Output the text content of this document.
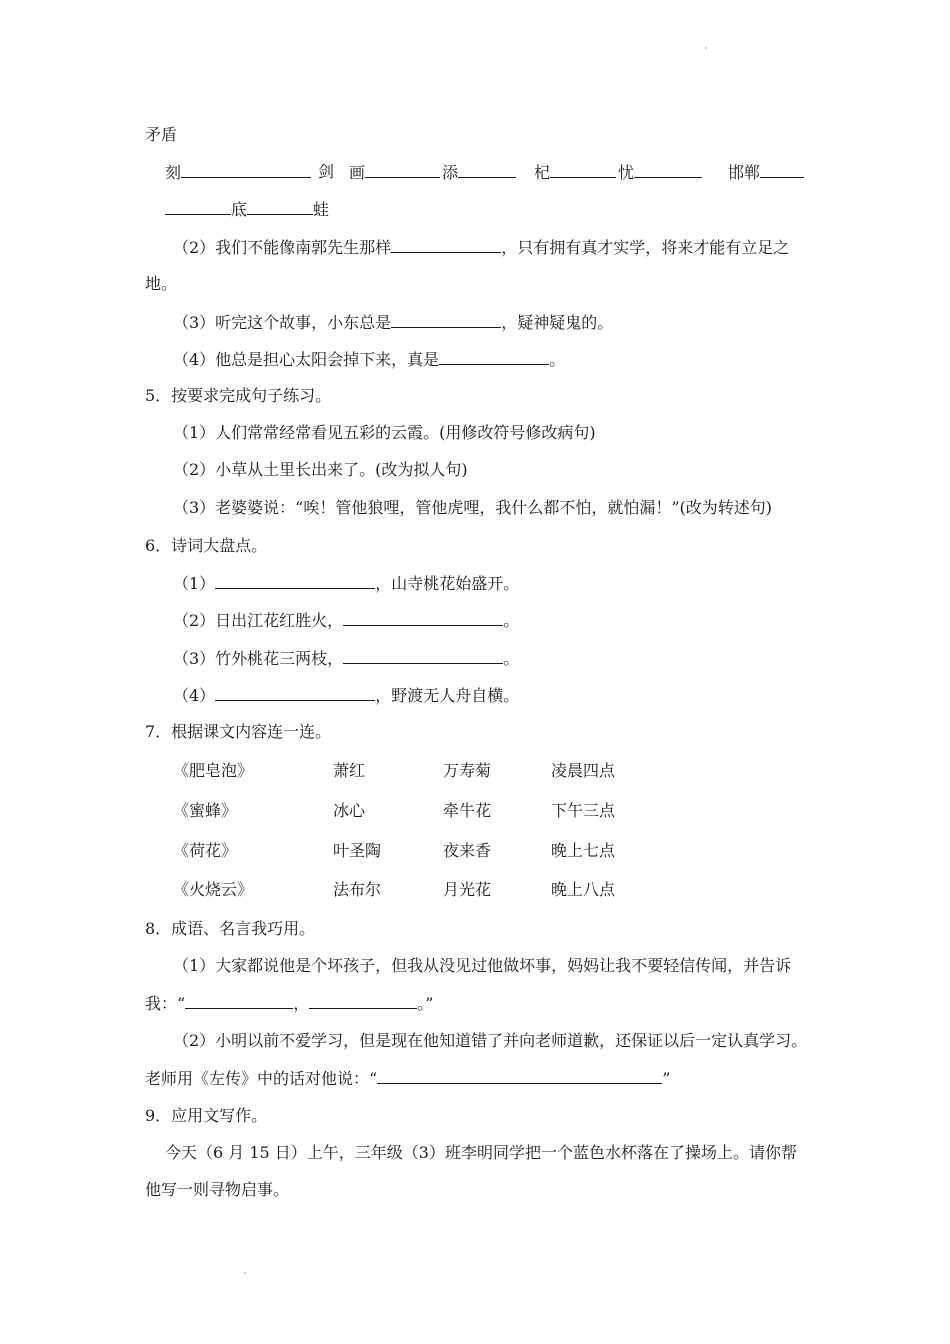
矛盾
刻	剑 画	添	杞	忧	邯郸
底	蛙
（2）我们不能像南郭先生那样	，只有拥有真才实学，将来才能有立足之
地。
（3）听完这个故事，小东总是	，疑神疑鬼的。
（4）他总是担心太阳会掉下来，真是	。
5．按要求完成句子练习。
（1）人们常常经常看见五彩的云霞。(用修改符号修改病句)
（2）小草从土里长出来了。(改为拟人句)
（3）老婆婆说：“唉！管他狼哩，管他虎哩，我什么都不怕，就怕漏！”(改为转述句)
6．诗词大盘点。
（1）	，山寺桃花始盛开。
（2）日出江花红胜火，	。
（3）竹外桃花三两枝，	。
（4）	，野渡无人舟自横。
7．根据课文内容连一连。
《肥皂泡》	萧红	万寿菊	凌晨四点
《蜜蜂》	冰心	牵牛花	下午三点
《荷花》	叶圣陶	夜来香	晚上七点
《火烧云》	法布尔	月光花	晚上八点
8．成语、名言我巧用。
（1）大家都说他是个坏孩子，但我从没见过他做坏事，妈妈让我不要轻信传闻，并告诉
我：“	，	。”
（2）小明以前不爱学习，但是现在他知道错了并向老师道歉，还保证以后一定认真学习。
老师用《左传》中的话对他说：“	”
9．应用文写作。
今天（6 月 15 日）上午，三年级（3）班李明同学把一个蓝色水杯落在了操场上。请你帮
他写一则寻物启事。
